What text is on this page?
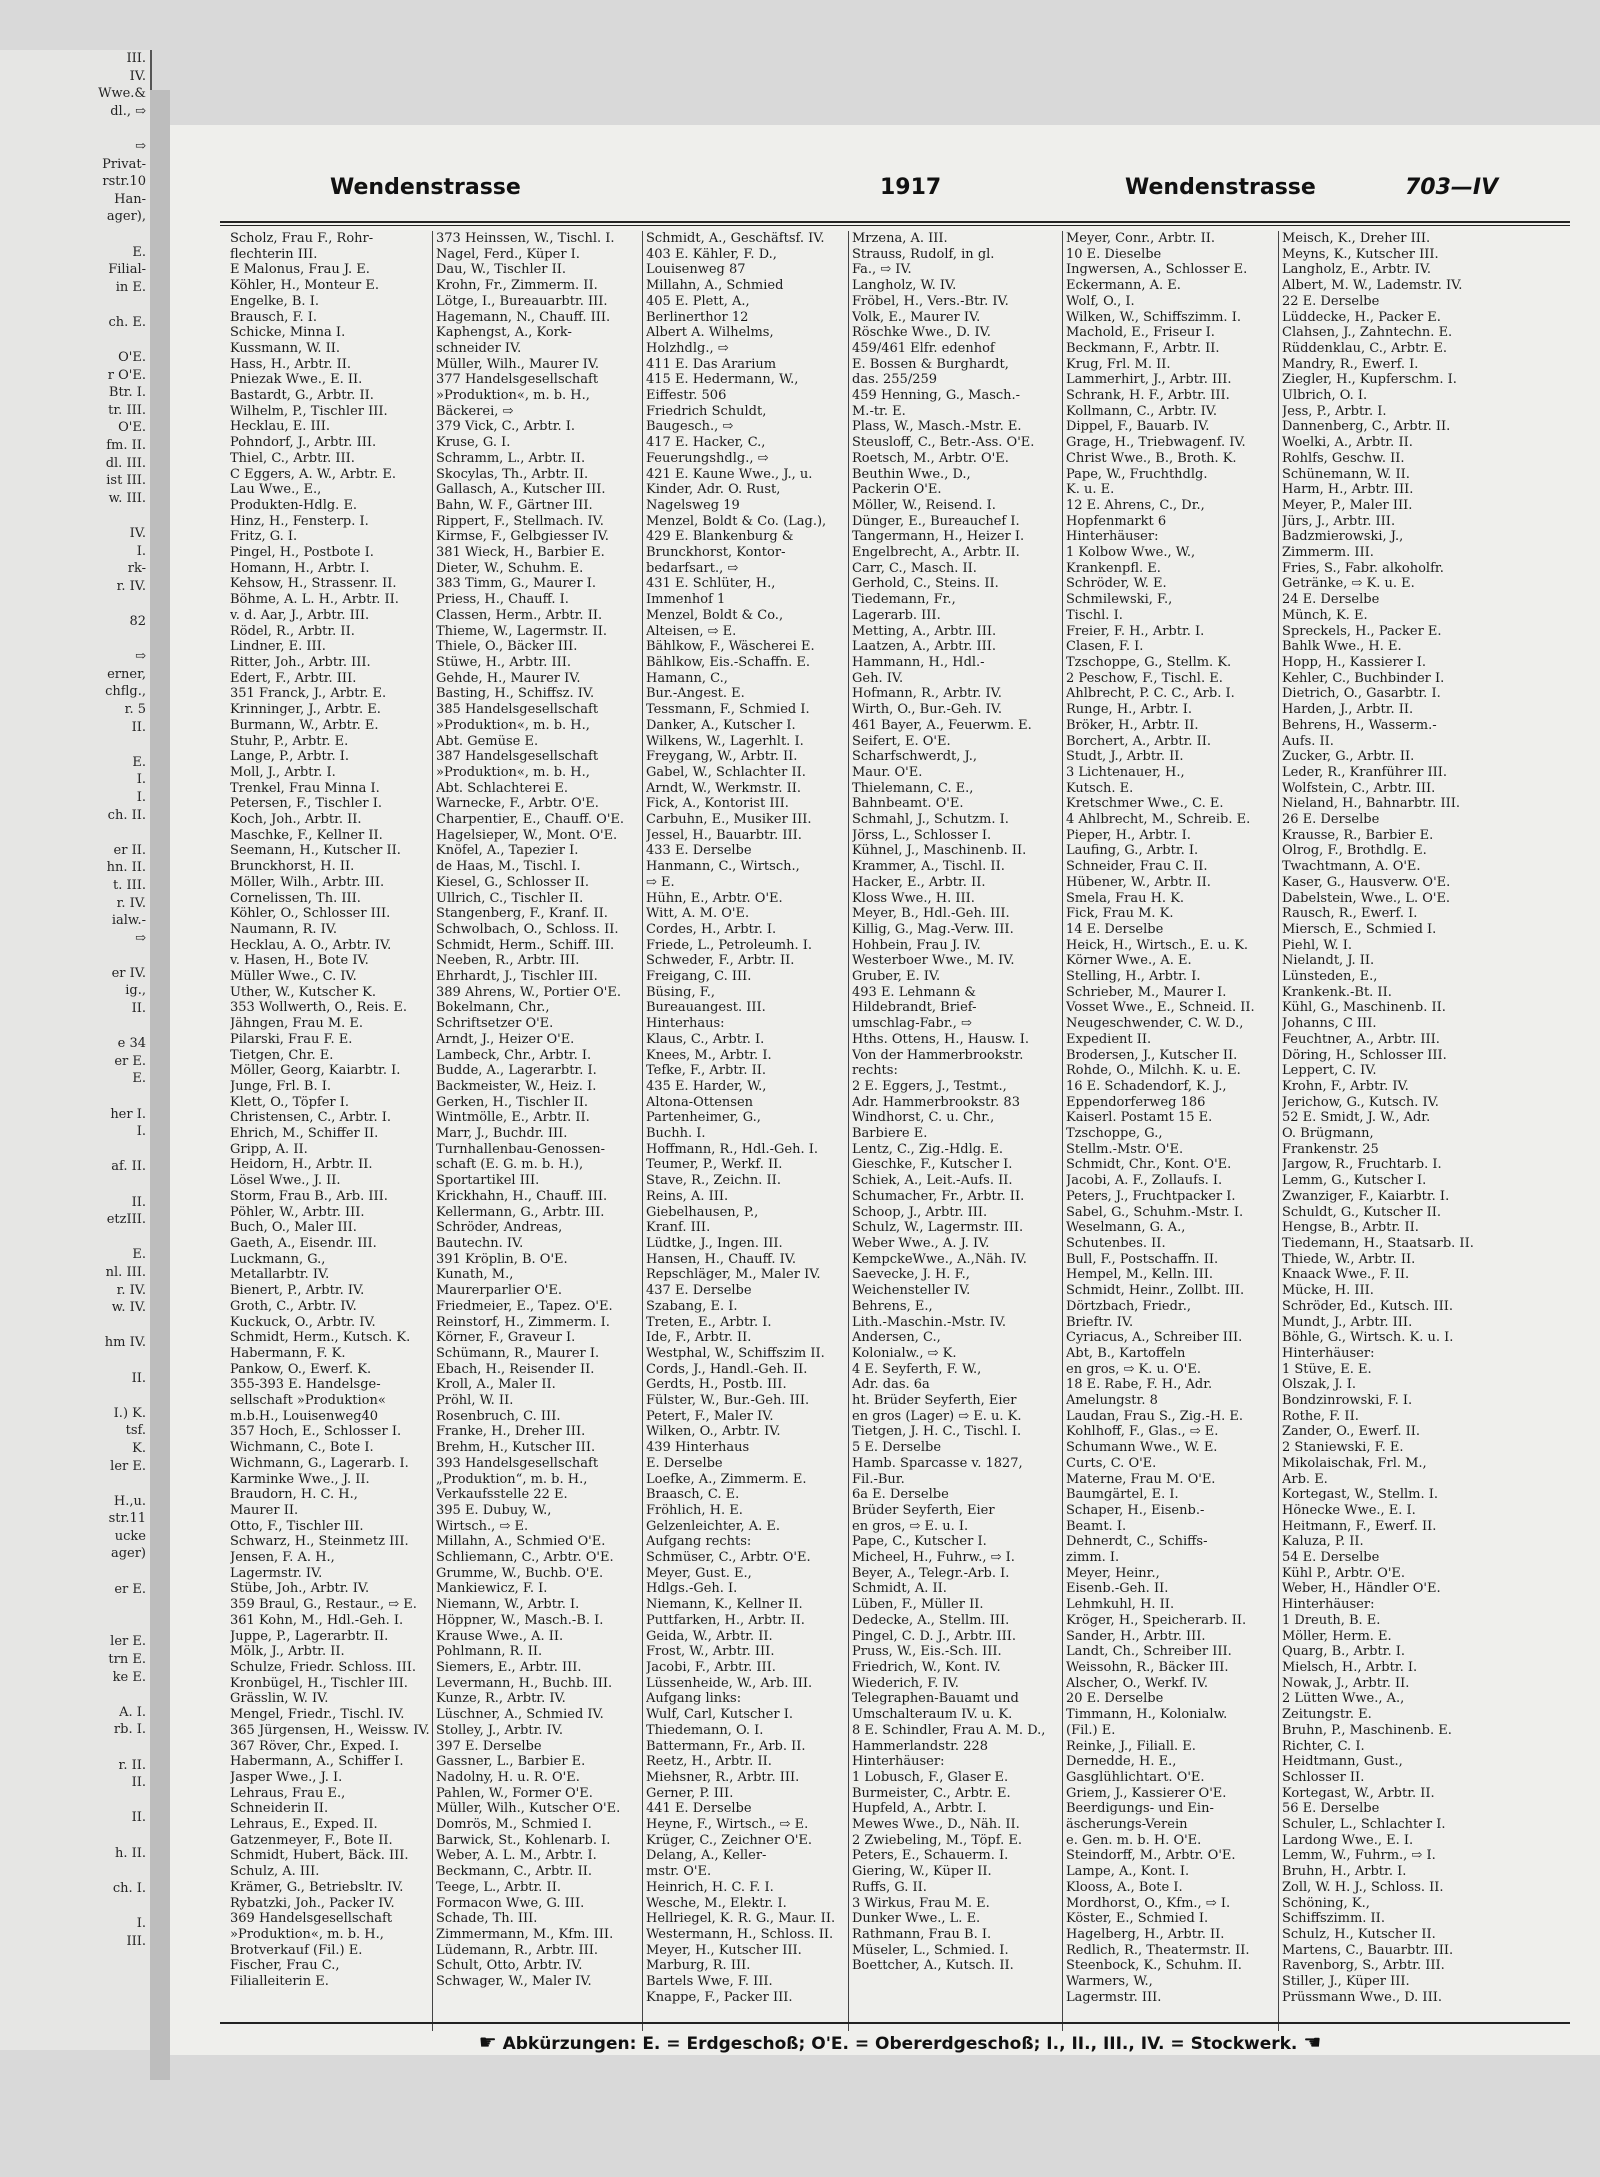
III.
IV.
Wwe.&
dl., ⇨

⇨
Privat-
rstr.10
Han-
ager),

E.
Filial-
in E.

ch. E.

O'E.
r O'E.
Btr. I.
tr. III.
O'E.
fm. II.
dl. III.
ist III.
w. III.

IV.
I.
rk-
r. IV.

82

⇨
erner,
chflg.,
r. 5
II.

E.
I.
I.
ch. II.

er II.
hn. II.
t. III.
r. IV.
ialw.-
⇨

er IV.
ig.,
II.

e 34
er E.
E.

her I.
I.

af. II.

II.
etzIII.

E.
nl. III.
r. IV.
w. IV.

hm IV.

II.

I.) K.
tsf.
K.
ler E.

H.,u.
str.11
ucke
ager)

er E.

ler E.
trn E.
ke E.

A. I.
rb. I.

r. II.
II.

II.

h. II.

ch. I.

I.
III.
Wendenstrasse	1917	Wendenstrasse	703—IV
Scholz, Frau F., Rohr-
flechterin III.
E Malonus, Frau J. E.
Köhler, H., Monteur E.
Engelke, B. I.
Brausch, F. I.
Schicke, Minna I.
Kussmann, W. II.
Hass, H., Arbtr. II.
Pniezak Wwe., E. II.
Bastardt, G., Arbtr. II.
Wilhelm, P., Tischler III.
Hecklau, E. III.
Pohndorf, J., Arbtr. III.
Thiel, C., Arbtr. III.
C Eggers, A. W., Arbtr. E.
Lau Wwe., E.,
Produkten-Hdlg. E.
Hinz, H., Fensterp. I.
Fritz, G. I.
Pingel, H., Postbote I.
Homann, H., Arbtr. I.
Kehsow, H., Strassenr. II.
Böhme, A. L. H., Arbtr. II.
v. d. Aar, J., Arbtr. III.
Rödel, R., Arbtr. II.
Lindner, E. III.
Ritter, Joh., Arbtr. III.
Edert, F., Arbtr. III.
351 Franck, J., Arbtr. E.
Krinninger, J., Arbtr. E.
Burmann, W., Arbtr. E.
Stuhr, P., Arbtr. E.
Lange, P., Arbtr. I.
Moll, J., Arbtr. I.
Trenkel, Frau Minna I.
Petersen, F., Tischler I.
Koch, Joh., Arbtr. II.
Maschke, F., Kellner II.
Seemann, H., Kutscher II.
Brunckhorst, H. II.
Möller, Wilh., Arbtr. III.
Cornelissen, Th. III.
Köhler, O., Schlosser III.
Naumann, R. IV.
Hecklau, A. O., Arbtr. IV.
v. Hasen, H., Bote IV.
Müller Wwe., C. IV.
Uther, W., Kutscher K.
353 Wollwerth, O., Reis. E.
Jähngen, Frau M. E.
Pilarski, Frau F. E.
Tietgen, Chr. E.
Möller, Georg, Kaiarbtr. I.
Junge, Frl. B. I.
Klett, O., Töpfer I.
Christensen, C., Arbtr. I.
Ehrich, M., Schiffer II.
Gripp, A. II.
Heidorn, H., Arbtr. II.
Lösel Wwe., J. II.
Storm, Frau B., Arb. III.
Pöhler, W., Arbtr. III.
Buch, O., Maler III.
Gaeth, A., Eisendr. III.
Luckmann, G.,
Metallarbtr. IV.
Bienert, P., Arbtr. IV.
Groth, C., Arbtr. IV.
Kuckuck, O., Arbtr. IV.
Schmidt, Herm., Kutsch. K.
Habermann, F. K.
Pankow, O., Ewerf. K.
355-393 E. Handelsge-
sellschaft »Produktion«
m.b.H., Louisenweg40
357 Hoch, E., Schlosser I.
Wichmann, C., Bote I.
Wichmann, G., Lagerarb. I.
Karminke Wwe., J. II.
Braudorn, H. C. H.,
Maurer II.
Otto, F., Tischler III.
Schwarz, H., Steinmetz III.
Jensen, F. A. H.,
Lagermstr. IV.
Stübe, Joh., Arbtr. IV.
359 Braul, G., Restaur., ⇨ E.
361 Kohn, M., Hdl.-Geh. I.
Juppe, P., Lagerarbtr. II.
Mölk, J., Arbtr. II.
Schulze, Friedr. Schloss. III.
Kronbügel, H., Tischler III.
Grässlin, W. IV.
Mengel, Friedr., Tischl. IV.
365 Jürgensen, H., Weissw. IV.
367 Röver, Chr., Exped. I.
Habermann, A., Schiffer I.
Jasper Wwe., J. I.
Lehraus, Frau E.,
Schneiderin II.
Lehraus, E., Exped. II.
Gatzenmeyer, F., Bote II.
Schmidt, Hubert, Bäck. III.
Schulz, A. III.
Krämer, G., Betriebsltr. IV.
Rybatzki, Joh., Packer IV.
369 Handelsgesellschaft
»Produktion«, m. b. H.,
Brotverkauf (Fil.) E.
Fischer, Frau C.,
Filialleiterin E.
373 Heinssen, W., Tischl. I.
Nagel, Ferd., Küper I.
Dau, W., Tischler II.
Krohn, Fr., Zimmerm. II.
Lötge, I., Bureauarbtr. III.
Hagemann, N., Chauff. III.
Kaphengst, A., Kork-
schneider IV.
Müller, Wilh., Maurer IV.
377 Handelsgesellschaft
»Produktion«, m. b. H.,
Bäckerei, ⇨
379 Vick, C., Arbtr. I.
Kruse, G. I.
Schramm, L., Arbtr. II.
Skocylas, Th., Arbtr. II.
Gallasch, A., Kutscher III.
Bahn, W. F., Gärtner III.
Rippert, F., Stellmach. IV.
Kirmse, F., Gelbgiesser IV.
381 Wieck, H., Barbier E.
Dieter, W., Schuhm. E.
383 Timm, G., Maurer I.
Priess, H., Chauff. I.
Classen, Herm., Arbtr. II.
Thieme, W., Lagermstr. II.
Thiele, O., Bäcker III.
Stüwe, H., Arbtr. III.
Gehde, H., Maurer IV.
Basting, H., Schiffsz. IV.
385 Handelsgesellschaft
»Produktion«, m. b. H.,
Abt. Gemüse E.
387 Handelsgesellschaft
»Produktion«, m. b. H.,
Abt. Schlachterei E.
Warnecke, F., Arbtr. O'E.
Charpentier, E., Chauff. O'E.
Hagelsieper, W., Mont. O'E.
Knöfel, A., Tapezier I.
de Haas, M., Tischl. I.
Kiesel, G., Schlosser II.
Ullrich, C., Tischler II.
Stangenberg, F., Kranf. II.
Schwolbach, O., Schloss. II.
Schmidt, Herm., Schiff. III.
Neeben, R., Arbtr. III.
Ehrhardt, J., Tischler III.
389 Ahrens, W., Portier O'E.
Bokelmann, Chr.,
Schriftsetzer O'E.
Arndt, J., Heizer O'E.
Lambeck, Chr., Arbtr. I.
Budde, A., Lagerarbtr. I.
Backmeister, W., Heiz. I.
Gerken, H., Tischler II.
Wintmölle, E., Arbtr. II.
Marr, J., Buchdr. III.
Turnhallenbau-Genossen-
schaft (E. G. m. b. H.),
Sportartikel III.
Krickhahn, H., Chauff. III.
Kellermann, G., Arbtr. III.
Schröder, Andreas,
Bautechn. IV.
391 Kröplin, B. O'E.
Kunath, M.,
Maurerparlier O'E.
Friedmeier, E., Tapez. O'E.
Reinstorf, H., Zimmerm. I.
Körner, F., Graveur I.
Schümann, R., Maurer I.
Ebach, H., Reisender II.
Kroll, A., Maler II.
Pröhl, W. II.
Rosenbruch, C. III.
Franke, H., Dreher III.
Brehm, H., Kutscher III.
393 Handelsgesellschaft
„Produktion“, m. b. H.,
Verkaufsstelle 22 E.
395 E. Dubuy, W.,
Wirtsch., ⇨ E.
Millahn, A., Schmied O'E.
Schliemann, C., Arbtr. O'E.
Grumme, W., Buchb. O'E.
Mankiewicz, F. I.
Niemann, W., Arbtr. I.
Höppner, W., Masch.-B. I.
Krause Wwe., A. II.
Pohlmann, R. II.
Siemers, E., Arbtr. III.
Levermann, H., Buchb. III.
Kunze, R., Arbtr. IV.
Lüschner, A., Schmied IV.
Stolley, J., Arbtr. IV.
397 E. Derselbe
Gassner, L., Barbier E.
Nadolny, H. u. R. O'E.
Pahlen, W., Former O'E.
Müller, Wilh., Kutscher O'E.
Domrös, M., Schmied I.
Barwick, St., Kohlenarb. I.
Weber, A. L. M., Arbtr. I.
Beckmann, C., Arbtr. II.
Teege, L., Arbtr. II.
Formacon Wwe, G. III.
Schade, Th. III.
Zimmermann, M., Kfm. III.
Lüdemann, R., Arbtr. III.
Schult, Otto, Arbtr. IV.
Schwager, W., Maler IV.
Schmidt, A., Geschäftsf. IV.
403 E. Kähler, F. D.,
Louisenweg 87
Millahn, A., Schmied
405 E. Plett, A.,
Berlinerthor 12
Albert A. Wilhelms,
Holzhdlg., ⇨
411 E. Das Ararium
415 E. Hedermann, W.,
Eiffestr. 506
Friedrich Schuldt,
Baugesch., ⇨
417 E. Hacker, C.,
Feuerungshdlg., ⇨
421 E. Kaune Wwe., J., u.
Kinder, Adr. O. Rust,
Nagelsweg 19
Menzel, Boldt & Co. (Lag.),
429 E. Blankenburg &
Brunckhorst, Kontor-
bedarfsart., ⇨
431 E. Schlüter, H.,
Immenhof 1
Menzel, Boldt & Co.,
Alteisen, ⇨ E.
Bählkow, F., Wäscherei E.
Bählkow, Eis.-Schaffn. E.
Hamann, C.,
Bur.-Angest. E.
Tessmann, F., Schmied I.
Danker, A., Kutscher I.
Wilkens, W., Lagerhlt. I.
Freygang, W., Arbtr. II.
Gabel, W., Schlachter II.
Arndt, W., Werkmstr. II.
Fick, A., Kontorist III.
Carbuhn, E., Musiker III.
Jessel, H., Bauarbtr. III.
433 E. Derselbe
Hanmann, C., Wirtsch.,
⇨ E.
Hühn, E., Arbtr. O'E.
Witt, A. M. O'E.
Cordes, H., Arbtr. I.
Friede, L., Petroleumh. I.
Schweder, F., Arbtr. II.
Freigang, C. III.
Büsing, F.,
Bureauangest. III.
Hinterhaus:
Klaus, C., Arbtr. I.
Knees, M., Arbtr. I.
Tefke, F., Arbtr. II.
435 E. Harder, W.,
Altona-Ottensen
Partenheimer, G.,
Buchh. I.
Hoffmann, R., Hdl.-Geh. I.
Teumer, P., Werkf. II.
Stave, R., Zeichn. II.
Reins, A. III.
Giebelhausen, P.,
Kranf. III.
Lüdtke, J., Ingen. III.
Hansen, H., Chauff. IV.
Repschläger, M., Maler IV.
437 E. Derselbe
Szabang, E. I.
Treten, E., Arbtr. I.
Ide, F., Arbtr. II.
Westphal, W., Schiffszim II.
Cords, J., Handl.-Geh. II.
Gerdts, H., Postb. III.
Fülster, W., Bur.-Geh. III.
Petert, F., Maler IV.
Wilken, O., Arbtr. IV.
439 Hinterhaus
E. Derselbe
Loefke, A., Zimmerm. E.
Braasch, C. E.
Fröhlich, H. E.
Gelzenleichter, A. E.
Aufgang rechts:
Schmüser, C., Arbtr. O'E.
Meyer, Gust. E.,
Hdlgs.-Geh. I.
Niemann, K., Kellner II.
Puttfarken, H., Arbtr. II.
Geida, W., Arbtr. II.
Frost, W., Arbtr. III.
Jacobi, F., Arbtr. III.
Lüssenheide, W., Arb. III.
Aufgang links:
Wulf, Carl, Kutscher I.
Thiedemann, O. I.
Battermann, Fr., Arb. II.
Reetz, H., Arbtr. II.
Miehsner, R., Arbtr. III.
Gerner, P. III.
441 E. Derselbe
Heyne, F., Wirtsch., ⇨ E.
Krüger, C., Zeichner O'E.
Delang, A., Keller-
mstr. O'E.
Heinrich, H. C. F. I.
Wesche, M., Elektr. I.
Hellriegel, K. R. G., Maur. II.
Westermann, H., Schloss. II.
Meyer, H., Kutscher III.
Marburg, R. III.
Bartels Wwe, F. III.
Knappe, F., Packer III.
Mrzena, A. III.
Strauss, Rudolf, in gl.
Fa., ⇨ IV.
Langholz, W. IV.
Fröbel, H., Vers.-Btr. IV.
Volk, E., Maurer IV.
Röschke Wwe., D. IV.
459/461 Elfr. edenhof
E. Bossen & Burghardt,
das. 255/259
459 Henning, G., Masch.-
M.-tr. E.
Plass, W., Masch.-Mstr. E.
Steusloff, C., Betr.-Ass. O'E.
Roetsch, M., Arbtr. O'E.
Beuthin Wwe., D.,
Packerin O'E.
Möller, W., Reisend. I.
Dünger, E., Bureauchef I.
Tangermann, H., Heizer I.
Engelbrecht, A., Arbtr. II.
Carr, C., Masch. II.
Gerhold, C., Steins. II.
Tiedemann, Fr.,
Lagerarb. III.
Metting, A., Arbtr. III.
Laatzen, A., Arbtr. III.
Hammann, H., Hdl.-
Geh. IV.
Hofmann, R., Arbtr. IV.
Wirth, O., Bur.-Geh. IV.
461 Bayer, A., Feuerwm. E.
Seifert, E. O'E.
Scharfschwerdt, J.,
Maur. O'E.
Thielemann, C. E.,
Bahnbeamt. O'E.
Schmahl, J., Schutzm. I.
Jörss, L., Schlosser I.
Kühnel, J., Maschinenb. II.
Krammer, A., Tischl. II.
Hacker, E., Arbtr. II.
Kloss Wwe., H. III.
Meyer, B., Hdl.-Geh. III.
Killig, G., Mag.-Verw. III.
Hohbein, Frau J. IV.
Westerboer Wwe., M. IV.
Gruber, E. IV.
493 E. Lehmann &
Hildebrandt, Brief-
umschlag-Fabr., ⇨
Hths. Ottens, H., Hausw. I.
Von der Hammerbrookstr.
rechts:
2 E. Eggers, J., Testmt.,
Adr. Hammerbrookstr. 83
Windhorst, C. u. Chr.,
Barbiere E.
Lentz, C., Zig.-Hdlg. E.
Gieschke, F., Kutscher I.
Schiek, A., Leit.-Aufs. II.
Schumacher, Fr., Arbtr. II.
Schoop, J., Arbtr. III.
Schulz, W., Lagermstr. III.
Weber Wwe., A. J. IV.
KempckeWwe., A.,Näh. IV.
Saevecke, J. H. F.,
Weichensteller IV.
Behrens, E.,
Lith.-Maschin.-Mstr. IV.
Andersen, C.,
Kolonialw., ⇨ K.
4 E. Seyferth, F. W.,
Adr. das. 6a
ht. Brüder Seyferth, Eier
en gros (Lager) ⇨ E. u. K.
Tietgen, J. H. C., Tischl. I.
5 E. Derselbe
Hamb. Sparcasse v. 1827,
Fil.-Bur.
6a E. Derselbe
Brüder Seyferth, Eier
en gros, ⇨ E. u. I.
Pape, C., Kutscher I.
Micheel, H., Fuhrw., ⇨ I.
Beyer, A., Telegr.-Arb. I.
Schmidt, A. II.
Lüben, F., Müller II.
Dedecke, A., Stellm. III.
Pingel, C. D. J., Arbtr. III.
Pruss, W., Eis.-Sch. III.
Friedrich, W., Kont. IV.
Wiederich, F. IV.
Telegraphen-Bauamt und
Umschalteraum IV. u. K.
8 E. Schindler, Frau A. M. D.,
Hammerlandstr. 228
Hinterhäuser:
1 Lobusch, F., Glaser E.
Burmeister, C., Arbtr. E.
Hupfeld, A., Arbtr. I.
Mewes Wwe., D., Näh. II.
2 Zwiebeling, M., Töpf. E.
Peters, E., Schauerm. I.
Giering, W., Küper II.
Ruffs, G. II.
3 Wirkus, Frau M. E.
Dunker Wwe., L. E.
Rathmann, Frau B. I.
Müseler, L., Schmied. I.
Boettcher, A., Kutsch. II.
Meyer, Conr., Arbtr. II.
10 E. Dieselbe
Ingwersen, A., Schlosser E.
Eckermann, A. E.
Wolf, O., I.
Wilken, W., Schiffszimm. I.
Machold, E., Friseur I.
Beckmann, F., Arbtr. II.
Krug, Frl. M. II.
Lammerhirt, J., Arbtr. III.
Schrank, H. F., Arbtr. III.
Kollmann, C., Arbtr. IV.
Dippel, F., Bauarb. IV.
Grage, H., Triebwagenf. IV.
Christ Wwe., B., Broth. K.
Pape, W., Fruchthdlg.
K. u. E.
12 E. Ahrens, C., Dr.,
Hopfenmarkt 6
Hinterhäuser:
1 Kolbow Wwe., W.,
Krankenpfl. E.
Schröder, W. E.
Schmilewski, F.,
Tischl. I.
Freier, F. H., Arbtr. I.
Clasen, F. I.
Tzschoppe, G., Stellm. K.
2 Peschow, F., Tischl. E.
Ahlbrecht, P. C. C., Arb. I.
Runge, H., Arbtr. I.
Bröker, H., Arbtr. II.
Borchert, A., Arbtr. II.
Studt, J., Arbtr. II.
3 Lichtenauer, H.,
Kutsch. E.
Kretschmer Wwe., C. E.
4 Ahlbrecht, M., Schreib. E.
Pieper, H., Arbtr. I.
Laufing, G., Arbtr. I.
Schneider, Frau C. II.
Hübener, W., Arbtr. II.
Smela, Frau H. K.
Fick, Frau M. K.
14 E. Derselbe
Heick, H., Wirtsch., E. u. K.
Körner Wwe., A. E.
Stelling, H., Arbtr. I.
Schrieber, M., Maurer I.
Vosset Wwe., E., Schneid. II.
Neugeschwender, C. W. D.,
Expedient II.
Brodersen, J., Kutscher II.
Rohde, O., Milchh. K. u. E.
16 E. Schadendorf, K. J.,
Eppendorferweg 186
Kaiserl. Postamt 15 E.
Tzschoppe, G.,
Stellm.-Mstr. O'E.
Schmidt, Chr., Kont. O'E.
Jacobi, A. F., Zollaufs. I.
Peters, J., Fruchtpacker I.
Sabel, G., Schuhm.-Mstr. I.
Weselmann, G. A.,
Schutenbes. II.
Bull, F., Postschaffn. II.
Hempel, M., Kelln. III.
Schmidt, Heinr., Zollbt. III.
Dörtzbach, Friedr.,
Brieftr. IV.
Cyriacus, A., Schreiber III.
Abt, B., Kartoffeln
en gros, ⇨ K. u. O'E.
18 E. Rabe, F. H., Adr.
Amelungstr. 8
Laudan, Frau S., Zig.-H. E.
Kohlhoff, F., Glas., ⇨ E.
Schumann Wwe., W. E.
Curts, C. O'E.
Materne, Frau M. O'E.
Baumgärtel, E. I.
Schaper, H., Eisenb.-
Beamt. I.
Dehnerdt, C., Schiffs-
zimm. I.
Meyer, Heinr.,
Eisenb.-Geh. II.
Lehmkuhl, H. II.
Kröger, H., Speicherarb. II.
Sander, H., Arbtr. III.
Landt, Ch., Schreiber III.
Weissohn, R., Bäcker III.
Alscher, O., Werkf. IV.
20 E. Derselbe
Timmann, H., Kolonialw.
(Fil.) E.
Reinke, J., Filiall. E.
Dernedde, H. E.,
Gasglühlichtart. O'E.
Griem, J., Kassierer O'E.
Beerdigungs- und Ein-
äscherungs-Verein
e. Gen. m. b. H. O'E.
Steindorff, M., Arbtr. O'E.
Lampe, A., Kont. I.
Klooss, A., Bote I.
Mordhorst, O., Kfm., ⇨ I.
Köster, E., Schmied I.
Hagelberg, H., Arbtr. II.
Redlich, R., Theatermstr. II.
Steenbock, K., Schuhm. II.
Warmers, W.,
Lagermstr. III.
Meisch, K., Dreher III.
Meyns, K., Kutscher III.
Langholz, E., Arbtr. IV.
Albert, M. W., Lademstr. IV.
22 E. Derselbe
Lüddecke, H., Packer E.
Clahsen, J., Zahntechn. E.
Rüddenklau, C., Arbtr. E.
Mandry, R., Ewerf. I.
Ziegler, H., Kupferschm. I.
Ulbrich, O. I.
Jess, P., Arbtr. I.
Dannenberg, C., Arbtr. II.
Woelki, A., Arbtr. II.
Rohlfs, Geschw. II.
Schünemann, W. II.
Harm, H., Arbtr. III.
Meyer, P., Maler III.
Jürs, J., Arbtr. III.
Badzmierowski, J.,
Zimmerm. III.
Fries, S., Fabr. alkoholfr.
Getränke, ⇨ K. u. E.
24 E. Derselbe
Münch, K. E.
Spreckels, H., Packer E.
Bahlk Wwe., H. E.
Hopp, H., Kassierer I.
Kehler, C., Buchbinder I.
Dietrich, O., Gasarbtr. I.
Harden, J., Arbtr. II.
Behrens, H., Wasserm.-
Aufs. II.
Zucker, G., Arbtr. II.
Leder, R., Kranführer III.
Wolfstein, C., Arbtr. III.
Nieland, H., Bahnarbtr. III.
26 E. Derselbe
Krausse, R., Barbier E.
Olrog, F., Brothdlg. E.
Twachtmann, A. O'E.
Kaser, G., Hausverw. O'E.
Dabelstein, Wwe., L. O'E.
Rausch, R., Ewerf. I.
Miersch, E., Schmied I.
Piehl, W. I.
Nielandt, J. II.
Lünsteden, E.,
Krankenk.-Bt. II.
Kühl, G., Maschinenb. II.
Johanns, C III.
Feuchtner, A., Arbtr. III.
Döring, H., Schlosser III.
Leppert, C. IV.
Krohn, F., Arbtr. IV.
Jerichow, G., Kutsch. IV.
52 E. Smidt, J. W., Adr.
O. Brügmann,
Frankenstr. 25
Jargow, R., Fruchtarb. I.
Lemm, G., Kutscher I.
Zwanziger, F., Kaiarbtr. I.
Schuldt, G., Kutscher II.
Hengse, B., Arbtr. II.
Tiedemann, H., Staatsarb. II.
Thiede, W., Arbtr. II.
Knaack Wwe., F. II.
Mücke, H. III.
Schröder, Ed., Kutsch. III.
Mundt, J., Arbtr. III.
Böhle, G., Wirtsch. K. u. I.
Hinterhäuser:
1 Stüve, E. E.
Olszak, J. I.
Bondzinrowski, F. I.
Rothe, F. II.
Zander, O., Ewerf. II.
2 Staniewski, F. E.
Mikolaischak, Frl. M.,
Arb. E.
Kortegast, W., Stellm. I.
Hönecke Wwe., E. I.
Heitmann, F., Ewerf. II.
Kaluza, P. II.
54 E. Derselbe
Kühl P., Arbtr. O'E.
Weber, H., Händler O'E.
Hinterhäuser:
1 Dreuth, B. E.
Möller, Herm. E.
Quarg, B., Arbtr. I.
Mielsch, H., Arbtr. I.
Nowak, J., Arbtr. II.
2 Lütten Wwe., A.,
Zeitungstr. E.
Bruhn, P., Maschinenb. E.
Richter, C. I.
Heidtmann, Gust.,
Schlosser II.
Kortegast, W., Arbtr. II.
56 E. Derselbe
Schuler, L., Schlachter I.
Lardong Wwe., E. I.
Lemm, W., Fuhrm., ⇨ I.
Bruhn, H., Arbtr. I.
Zoll, W. H. J., Schloss. II.
Schöning, K.,
Schiffszimm. II.
Schulz, H., Kutscher II.
Martens, C., Bauarbtr. III.
Ravenborg, S., Arbtr. III.
Stiller, J., Küper III.
Prüssmann Wwe., D. III.
☛ Abkürzungen: E. = Erdgeschoß; O'E. = Obererdgeschoß; I., II., III., IV. = Stockwerk. ☚
